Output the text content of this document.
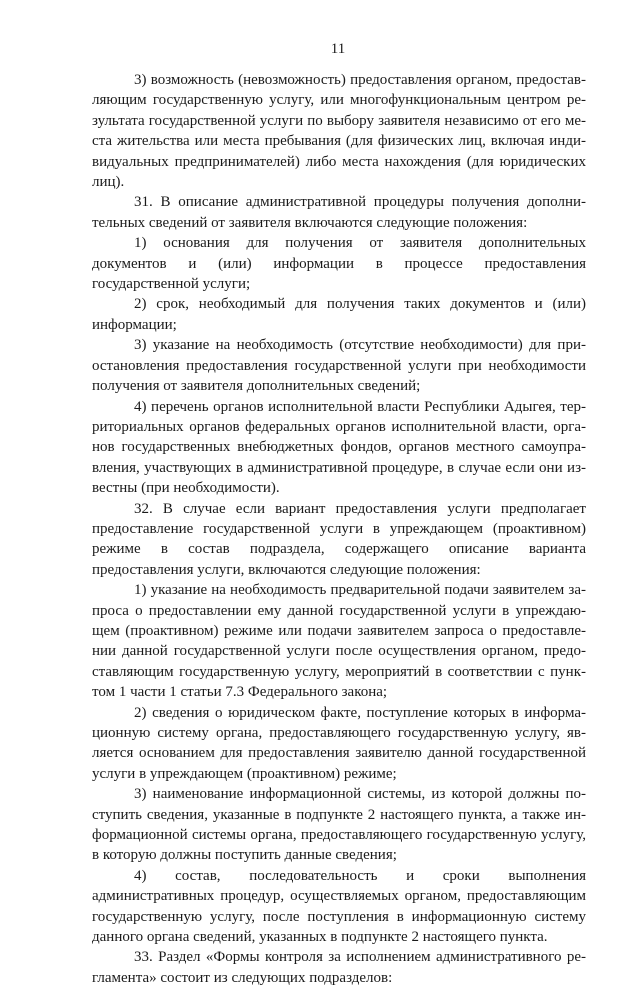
11

3) возможность (невозможность) предоставления органом, предоставляющим государственную услугу, или многофункциональным центром результата государственной услуги по выбору заявителя независимо от его места жительства или места пребывания (для физических лиц, включая индивидуальных предпринимателей) либо места нахождения (для юридических лиц).

31. В описание административной процедуры получения дополнительных сведений от заявителя включаются следующие положения:

1) основания для получения от заявителя дополнительных документов и (или) информации в процессе предоставления государственной услуги;

2) срок, необходимый для получения таких документов и (или) информации;

3) указание на необходимость (отсутствие необходимости) для приостановления предоставления государственной услуги при необходимости получения от заявителя дополнительных сведений;

4) перечень органов исполнительной власти Республики Адыгея, территориальных органов федеральных органов исполнительной власти, органов государственных внебюджетных фондов, органов местного самоуправления, участвующих в административной процедуре, в случае если они известны (при необходимости).

32. В случае если вариант предоставления услуги предполагает предоставление государственной услуги в упреждающем (проактивном) режиме в состав подраздела, содержащего описание варианта предоставления услуги, включаются следующие положения:

1) указание на необходимость предварительной подачи заявителем запроса о предоставлении ему данной государственной услуги в упреждающем (проактивном) режиме или подачи заявителем запроса о предоставлении данной государственной услуги после осуществления органом, предоставляющим государственную услугу, мероприятий в соответствии с пунктом 1 части 1 статьи 7.3 Федерального закона;

2) сведения о юридическом факте, поступление которых в информационную систему органа, предоставляющего государственную услугу, является основанием для предоставления заявителю данной государственной услуги в упреждающем (проактивном) режиме;

3) наименование информационной системы, из которой должны поступить сведения, указанные в подпункте 2 настоящего пункта, а также информационной системы органа, предоставляющего государственную услугу, в которую должны поступить данные сведения;

4) состав, последовательность и сроки выполнения административных процедур, осуществляемых органом, предоставляющим государственную услугу, после поступления в информационную систему данного органа сведений, указанных в подпункте 2 настоящего пункта.

33. Раздел «Формы контроля за исполнением административного регламента» состоит из следующих подразделов:
